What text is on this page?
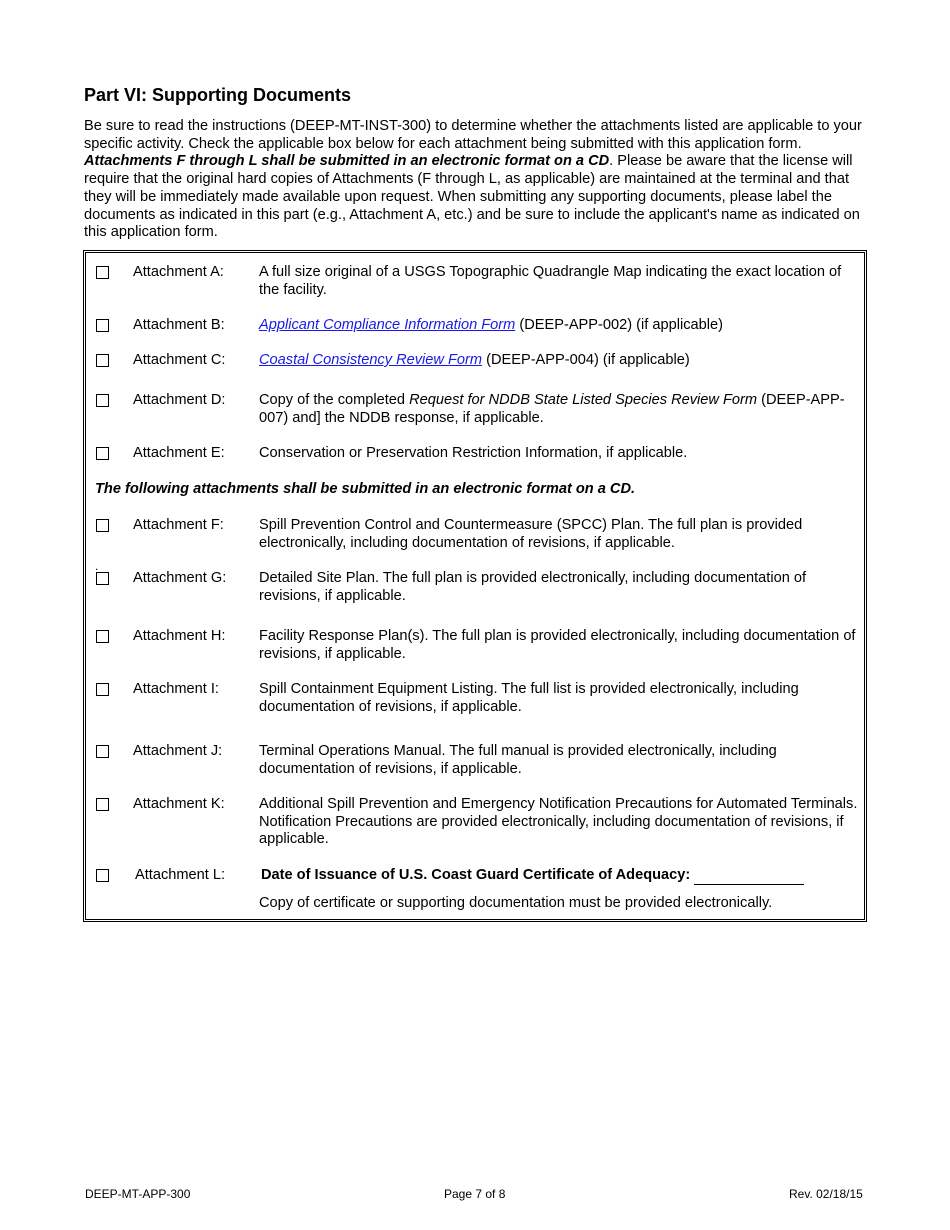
Part VI: Supporting Documents

Be sure to read the instructions (DEEP-MT-INST-300) to determine whether the attachments listed are applicable to your specific activity. Check the applicable box below for each attachment being submitted with this application form. Attachments F through L shall be submitted in an electronic format on a CD. Please be aware that the license will require that the original hard copies of Attachments (F through L, as applicable) are maintained at the terminal and that they will be immediately made available upon request. When submitting any supporting documents, please label the documents as indicated in this part (e.g., Attachment A, etc.) and be sure to include the applicant's name as indicated on this application form.

Attachment A: A full size original of a USGS Topographic Quadrangle Map indicating the exact location of the facility.
Attachment B: Applicant Compliance Information Form (DEEP-APP-002) (if applicable)
Attachment C: Coastal Consistency Review Form (DEEP-APP-004) (if applicable)
Attachment D: Copy of the completed Request for NDDB State Listed Species Review Form (DEEP-APP-007) and] the NDDB response, if applicable.
Attachment E: Conservation or Preservation Restriction Information, if applicable.
The following attachments shall be submitted in an electronic format on a CD.
Attachment F: Spill Prevention Control and Countermeasure (SPCC) Plan. The full plan is provided electronically, including documentation of revisions, if applicable.
.
Attachment G: Detailed Site Plan. The full plan is provided electronically, including documentation of revisions, if applicable.
Attachment H: Facility Response Plan(s). The full plan is provided electronically, including documentation of revisions, if applicable.
Attachment I:	Spill Containment Equipment Listing. The full list is provided electronically, including documentation of revisions, if applicable.
Attachment J:	Terminal Operations Manual. The full manual is provided electronically, including documentation of revisions, if applicable.
Attachment K: Additional Spill Prevention and Emergency Notification Precautions for Automated Terminals. Notification Precautions are provided electronically, including documentation of revisions, if applicable.
Attachment L: Date of Issuance of U.S. Coast Guard Certificate of Adequacy:
Copy of certificate or supporting documentation must be provided electronically.
DEEP-MT-APP-300	Page 7 of 8	Rev. 02/18/15
